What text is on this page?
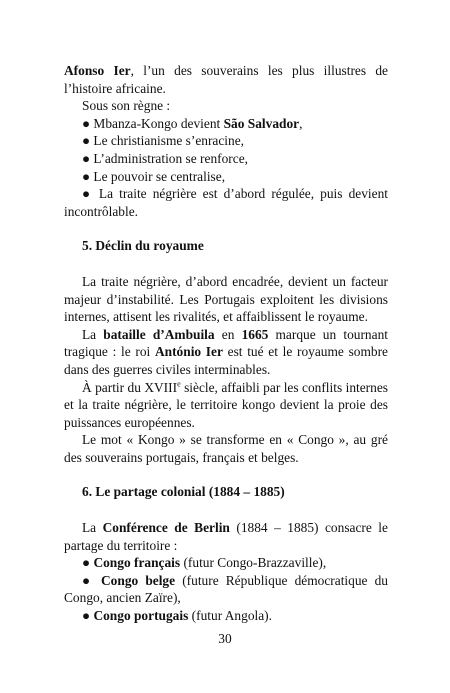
Afonso Ier, l’un des souverains les plus illustres de l’histoire africaine.

Sous son règne :

● Mbanza-Kongo devient São Salvador,

● Le christianisme s’enracine,

● L’administration se renforce,

● Le pouvoir se centralise,

● La traite négrière est d’abord régulée, puis devient incontrôlable.

5. Déclin du royaume

La traite négrière, d’abord encadrée, devient un facteur majeur d’instabilité. Les Portugais exploitent les divisions internes, attisent les rivalités, et affaiblissent le royaume.

La bataille d’Ambuila en 1665 marque un tournant tragique : le roi António Ier est tué et le royaume sombre dans des guerres civiles interminables.

À partir du XVIIIe siècle, affaibli par les conflits internes et la traite négrière, le territoire kongo devient la proie des puissances européennes.

Le mot « Kongo » se transforme en « Congo », au gré des souverains portugais, français et belges.

6. Le partage colonial (1884 – 1885)

La Conférence de Berlin (1884 – 1885) consacre le partage du territoire :

● Congo français (futur Congo-Brazzaville),

● Congo belge (future République démocratique du Congo, ancien Zaïre),

● Congo portugais (futur Angola).

30
